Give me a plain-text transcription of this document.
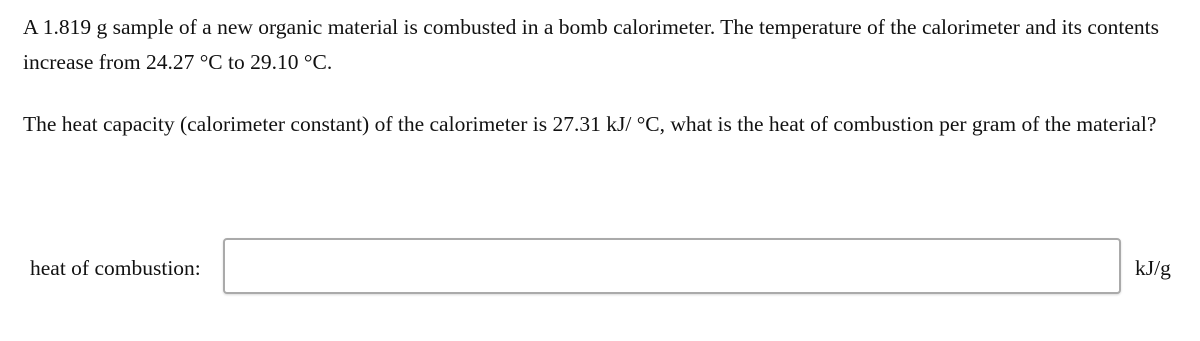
A 1.819 g sample of a new organic material is combusted in a bomb calorimeter. The temperature of the calorimeter and its contents increase from 24.27 °C to 29.10 °C.

The heat capacity (calorimeter constant) of the calorimeter is 27.31 kJ/ °C, what is the heat of combustion per gram of the material?

heat of combustion:	kJ/g
